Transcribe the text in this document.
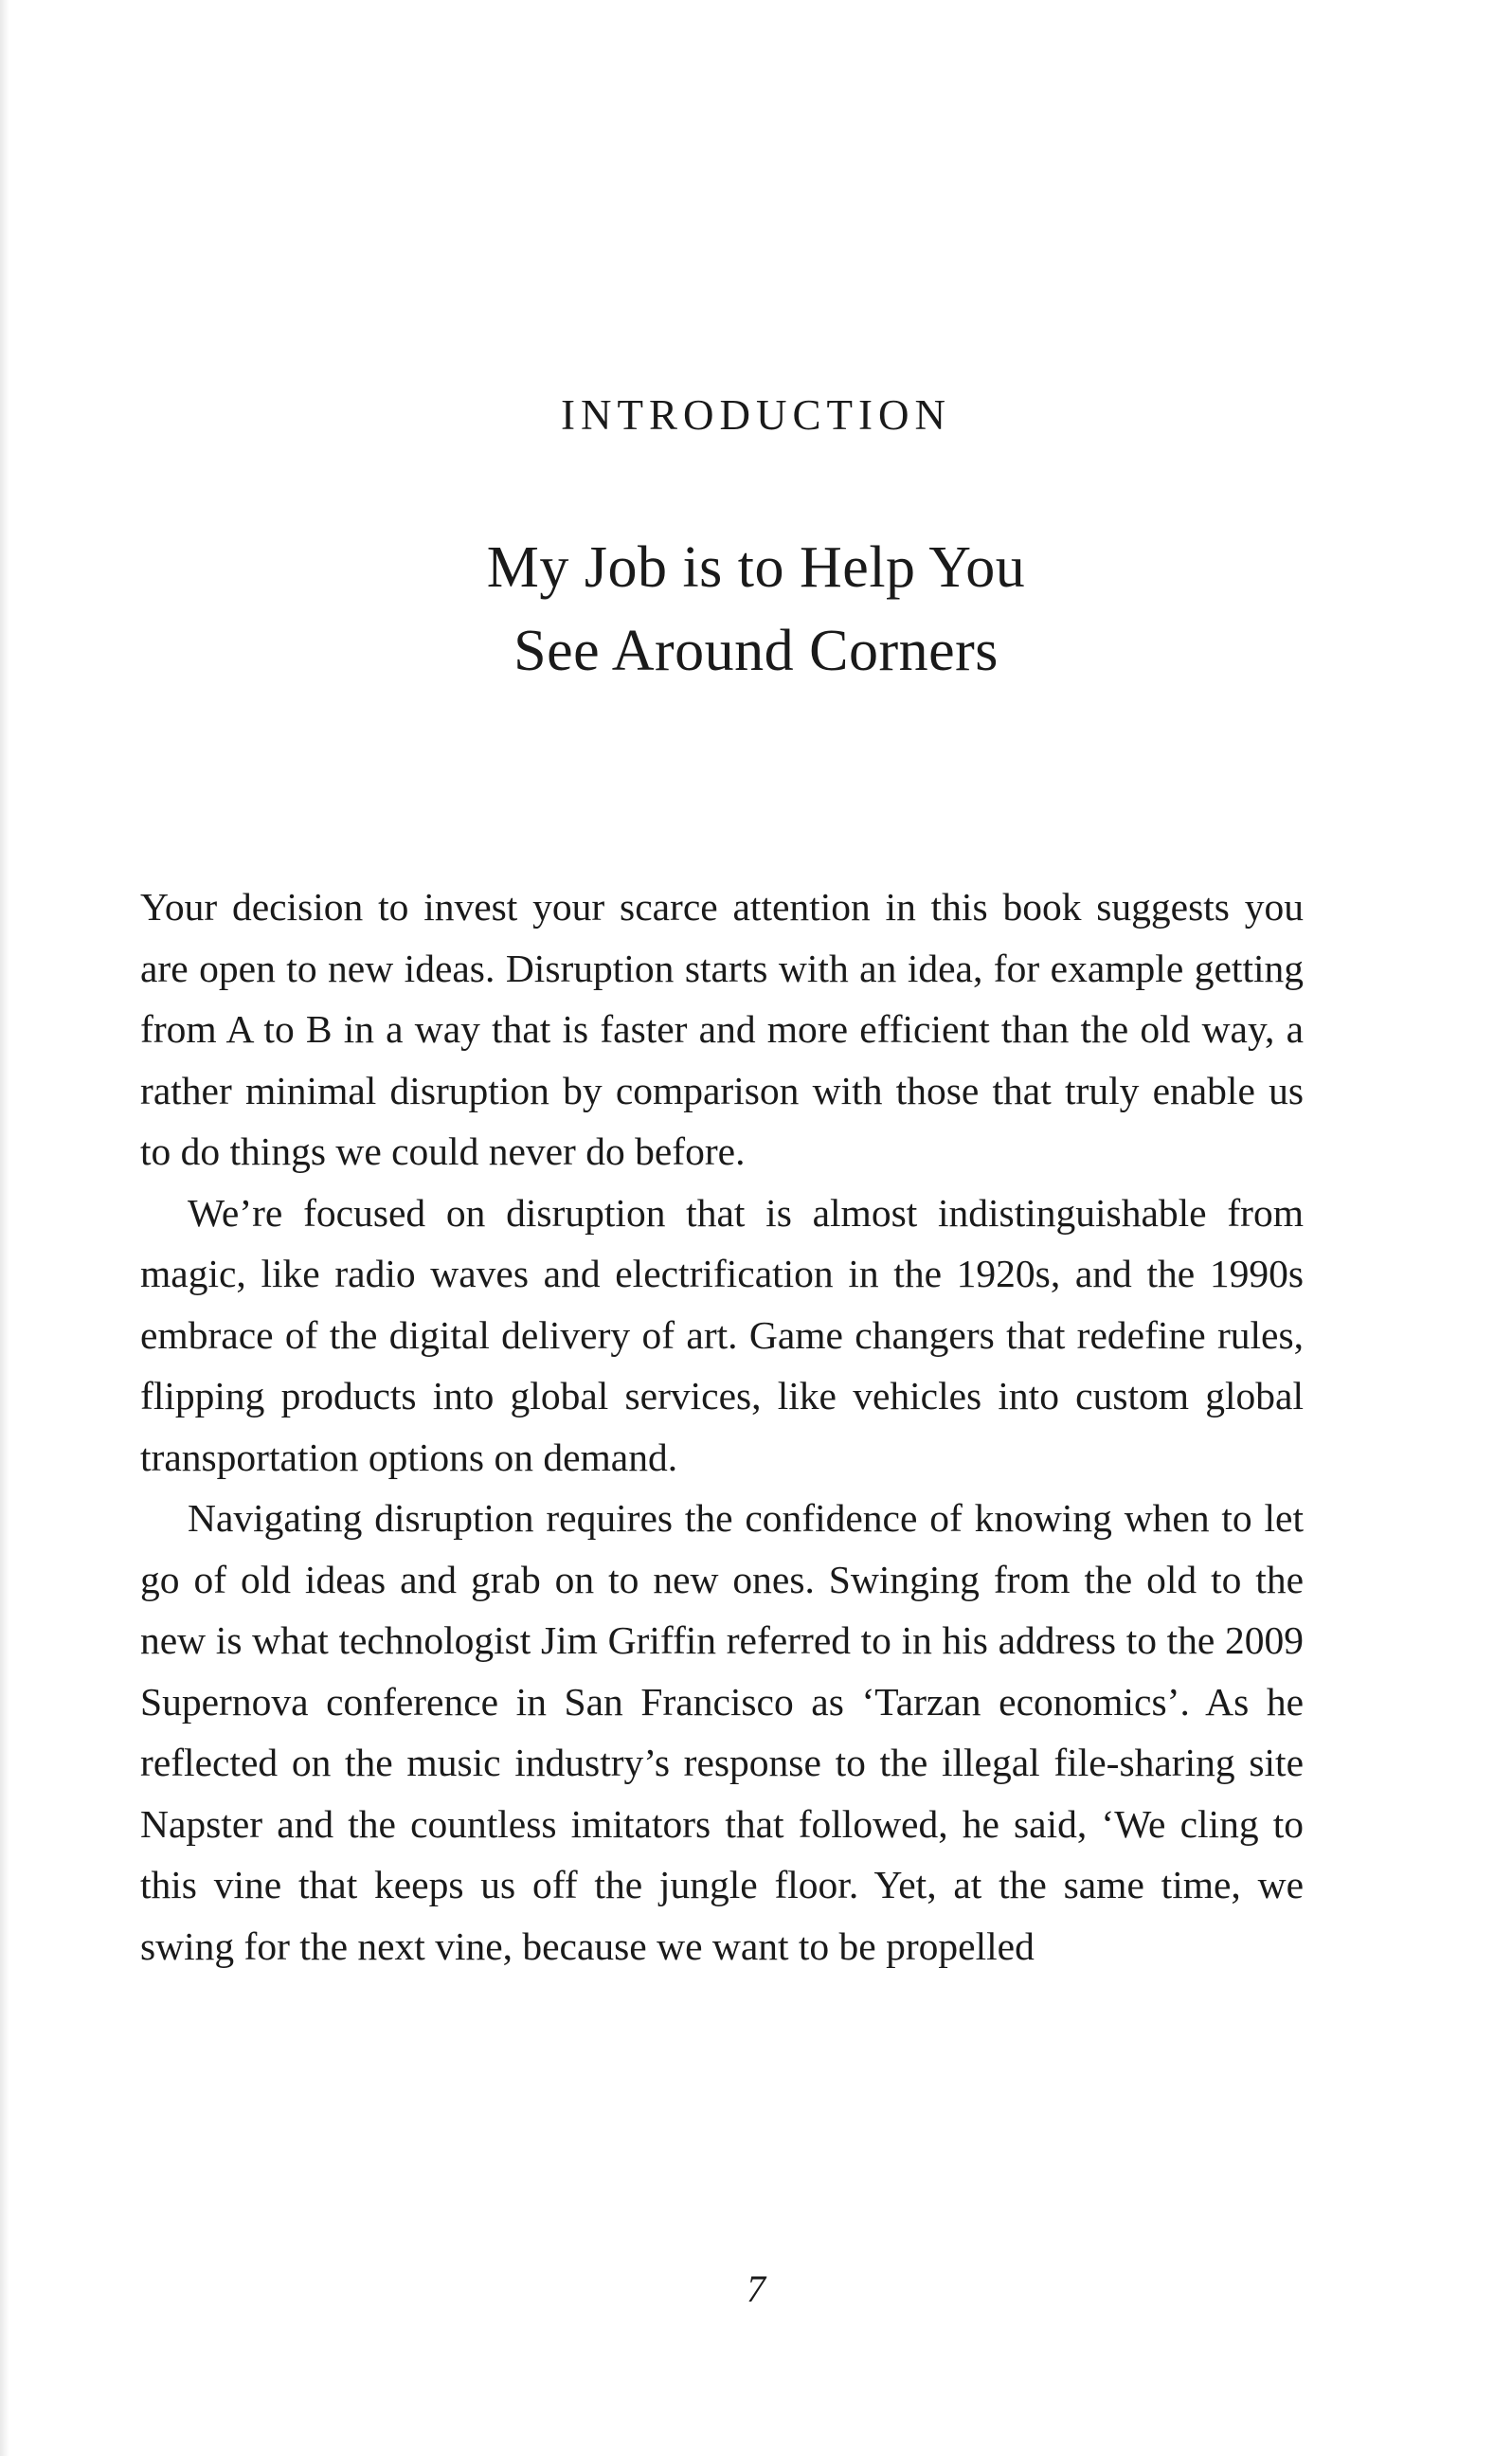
INTRODUCTION
My Job is to Help You
See Around Corners

Your decision to invest your scarce attention in this book suggests you are open to new ideas. Disruption starts with an idea, for example getting from A to B in a way that is faster and more efficient than the old way, a rather minimal disruption by comparison with those that truly enable us to do things we could never do before.

We’re focused on disruption that is almost indistinguishable from magic, like radio waves and electrification in the 1920s, and the 1990s embrace of the digital delivery of art. Game changers that redefine rules, flipping products into global services, like vehicles into custom global transportation options on demand.

Navigating disruption requires the confidence of knowing when to let go of old ideas and grab on to new ones. Swinging from the old to the new is what technologist Jim Griffin referred to in his address to the 2009 Supernova conference in San Francisco as ‘Tarzan economics’. As he reflected on the music industry’s response to the illegal file-sharing site Napster and the countless imitators that followed, he said, ‘We cling to this vine that keeps us off the jungle floor. Yet, at the same time, we swing for the next vine, because we want to be propelled

7
